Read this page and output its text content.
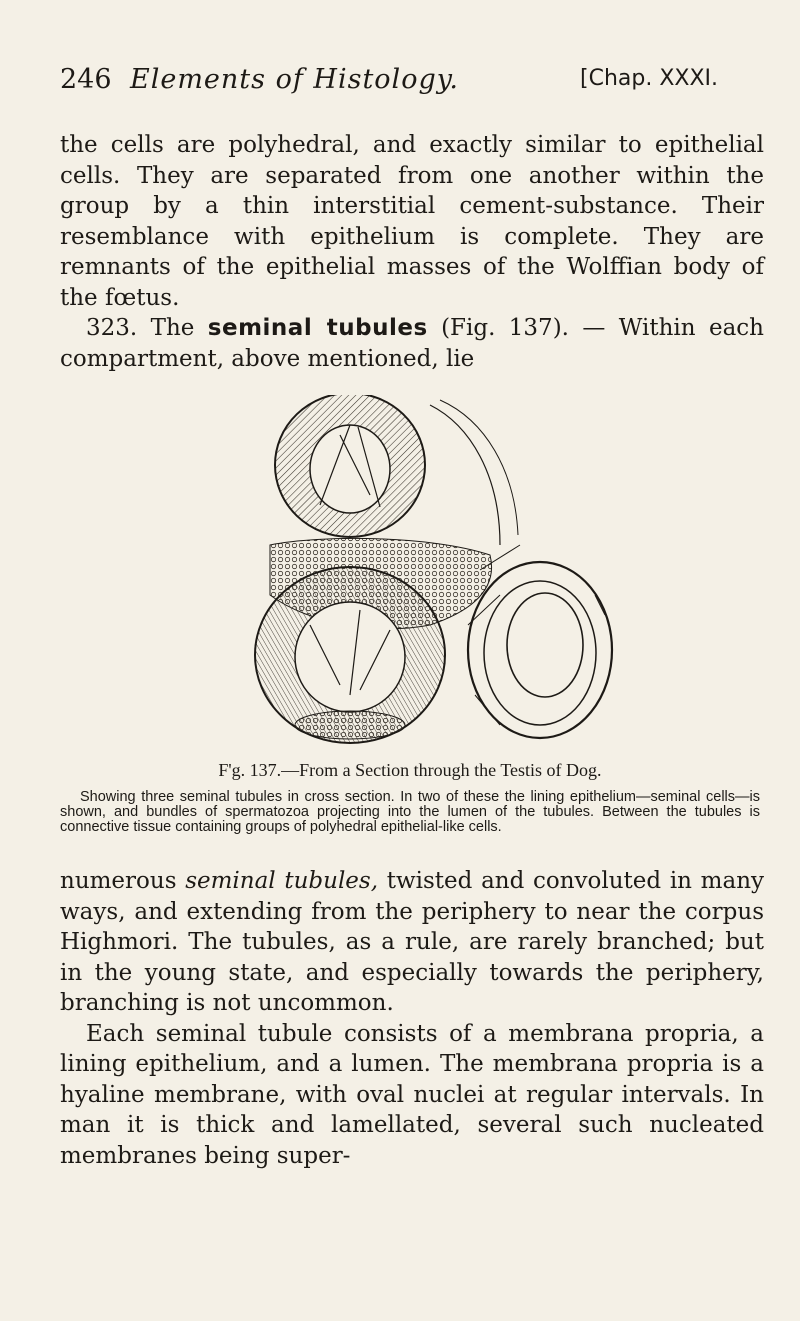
246 Elements of Histology.	[Chap. XXXI.

the cells are polyhedral, and exactly similar to epithelial cells. They are separated from one another within the group by a thin interstitial cement-substance. Their resemblance with epithelium is complete. They are remnants of the epithelial masses of the Wolffian body of the fœtus.

323. The seminal tubules (Fig. 137). — Within each compartment, above mentioned, lie

F'g. 137.—From a Section through the Testis of Dog.
Showing three seminal tubules in cross section. In two of these the lining epithelium—seminal cells—is shown, and bundles of spermatozoa projecting into the lumen of the tubules. Between the tubules is connective tissue containing groups of polyhedral epithelial-like cells.

numerous seminal tubules, twisted and convoluted in many ways, and extending from the periphery to near the corpus Highmori. The tubules, as a rule, are rarely branched; but in the young state, and especially towards the periphery, branching is not uncommon.

Each seminal tubule consists of a membrana propria, a lining epithelium, and a lumen. The membrana propria is a hyaline membrane, with oval nuclei at regular intervals. In man it is thick and lamellated, several such nucleated membranes being super-
